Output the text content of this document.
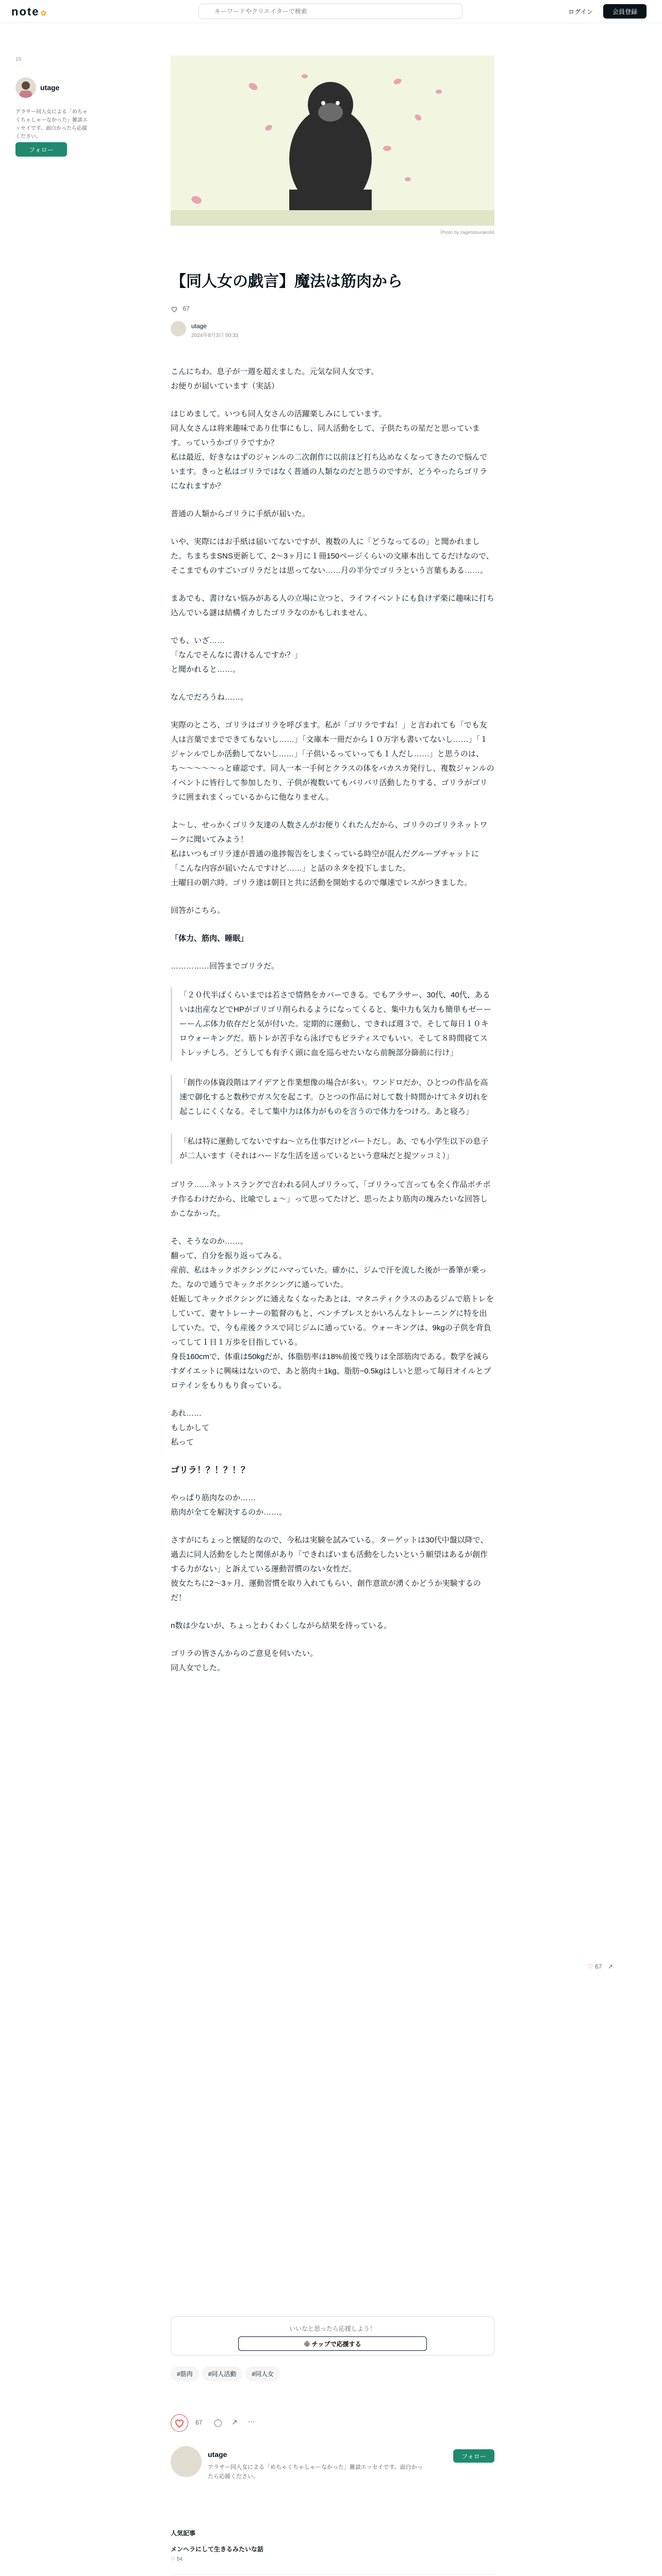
note ✿
キーワードやクリエイターで検索	ログイン	会員登録
15
utage
アラサー同人女による「めちゃくちゃしゃーなかった」雑談エッセイです。面白かったら応援ください。
フォロー
Photo by zagetstourako66
【同人女の戯言】魔法は筋肉から
67
utage
2024年8月3日 00:33

こんにちわ。息子が一週を超えました。元気な同人女です。
お便りが届いています（実話）

はじめまして。いつも同人女さんの活躍楽しみにしています。
同人女さんは将来趣味であり仕事にもし、同人活動をして、子供たちの星だと思っています。っていうかゴリラですか？
私は最近、好きなはずのジャンルの二次創作に以前ほど打ち込めなくなってきたので悩んでいます。きっと私はゴリラではなく普通の人類なのだと思うのですが、どうやったらゴリラになれますか？

普通の人類からゴリラに手紙が届いた。

いや、実際にはお手紙は届いてないですが、複数の人に「どうなってるの」と聞かれました。ちまちまSNS更新して、2〜3ヶ月に１冊150ページくらいの文庫本出してるだけなので、そこまでものすごいゴリラだとは思ってない……月の半分でゴリラという言葉もある……。

まあでも、書けない悩みがある人の立場に立つと、ライフイベントにも負けず楽に趣味に打ち込んでいる謎は結構イカしたゴリラなのかもしれません。

でも、いざ……
「なんでそんなに書けるんですか？」
と聞かれると……。

なんでだろうね……。

実際のところ、ゴリラはゴリラを呼びます。私が「ゴリラですね！」と言われても「でも友人は言葉でまでできてもないし……」「文庫本一冊だから１０万字も書いてないし……」「１ジャンルでしか活動してないし……」「子供いるっていっても１人だし……」と思うのは、ち〜〜〜〜〜っと確認です。同人一本一手何とクラスの体をバカスカ発行し、複数ジャンルのイベントに皆行して参加したり、子供が複数いてもバリバリ活動したりする、ゴリラがゴリラに囲まれまくっているからに他なりません。

よ〜し、せっかくゴリラ友達の人数さんがお便りくれたんだから、ゴリラのゴリラネットワークに聞いてみよう！
私はいつもゴリラ達が普通の進捗報告をしまくっている時空が混んだグループチャットに「こんな内容が届いたんですけど……」と話のネタを投下しました。
土曜日の朝六時。ゴリラ達は朝日と共に活動を開始するので爆速でレスがつきました。

回答がこちら。

「体力、筋肉、睡眠」

……………回答までゴリラだ。

「２０代半ばくらいまでは若さで情熱をカバーできる。でもアラサー、30代、40代、あるいは出産などでHPがゴリゴリ削られるようになってくると、集中力も気力も簡単もゼーーーーんぶ体力依存だと気が付いた。定期的に運動し、できれば週３で。そして毎日１０キロウォーキングだ。筋トレが苦手なら泳げでもピラティスでもいい。そして８時間寝てストレッチしろ。どうしても有予く頭に血を巡らせたいなら前腕部分篩前に行け」

「創作の体資段階はアイデアと作業想像の場合が多い。ワンドロだか、ひとつの作品を高速で御化すると数秒でガス欠を起こす。ひとつの作品に対して数十時間かけてネタ切れを起こしにくくなる。そして集中力は体力がものを言うので体力をつけろ。あと寝ろ」

「私は特に運動してないですね〜立ち仕事だけどパートだし。あ、でも小学生以下の息子が二人います（それはハードな生活を送っているという意味だと捉ツッコミ）」

ゴリラ……ネットスラングで言われる同人ゴリラって、「ゴリラって言っても全く作品ポチポチ作るわけだから、比喩でしょ〜」って思ってたけど、思ったより筋肉の塊みたいな回答しかこなかった。

そ、そうなのか……。
翻って、自分を振り返ってみる。
産前、私はキックボクシングにハマっていた。確かに、ジムで汗を流した後が一番筆が乗った。なので通うでキックボクシングに通っていた。
妊娠してキックボクシングに通えなくなったあとは、マタニティクラスのあるジムで筋トレをしていて、妻ヤトレーナーの監督のもと、ベンチプレスとかいろんなトレーニングに特を出していた。で、今も産後クラスで同じジムに通っている。ウォーキングは、9kgの子供を背負ってして１日１万歩を目指している。
身長160cmで、体重は50kgだが、体脂肪率は18%前後で残りは全部筋肉である。数学を減らすダイエットに興味はないので、あと筋肉＋1kg、脂肪−0.5kgはしいと思って毎日オイルとプロテインをもりもり食っている。

あれ……
もしかして
私って

ゴリラ！？！？！？

やっぱり筋肉なのか……
筋肉が全てを解決するのか……。

さすがにちょっと懐疑的なので、今私は実験を試みている。ターゲットは30代中盤以降で、過去に同人活動をしたと関係があり「できればいまも活動をしたいという願望はあるが創作する力がない」と訴えている運動習慣のない女性だ。
彼女たちに2〜3ヶ月、運動習慣を取り入れてもらい、創作意欲が湧くかどうか実験するのだ！

n数は少ないが、ちょっとわくわくしながら結果を待っている。

ゴリラの皆さんからのご意見を伺いたい。
同人女でした。

いいなと思ったら応援しよう！
⊕ チップで応援する
#筋肉	#同人活動	#同人女
67 ◯ ↗ ⋯
utage
アラサー同人女による「めちゃくちゃしゃーなかった」雑談エッセイです。面白かったら応援ください。
フォロー
人気記事
メンヘラにして生きるみたいな話
♡ 54
♡ 67 ↗
